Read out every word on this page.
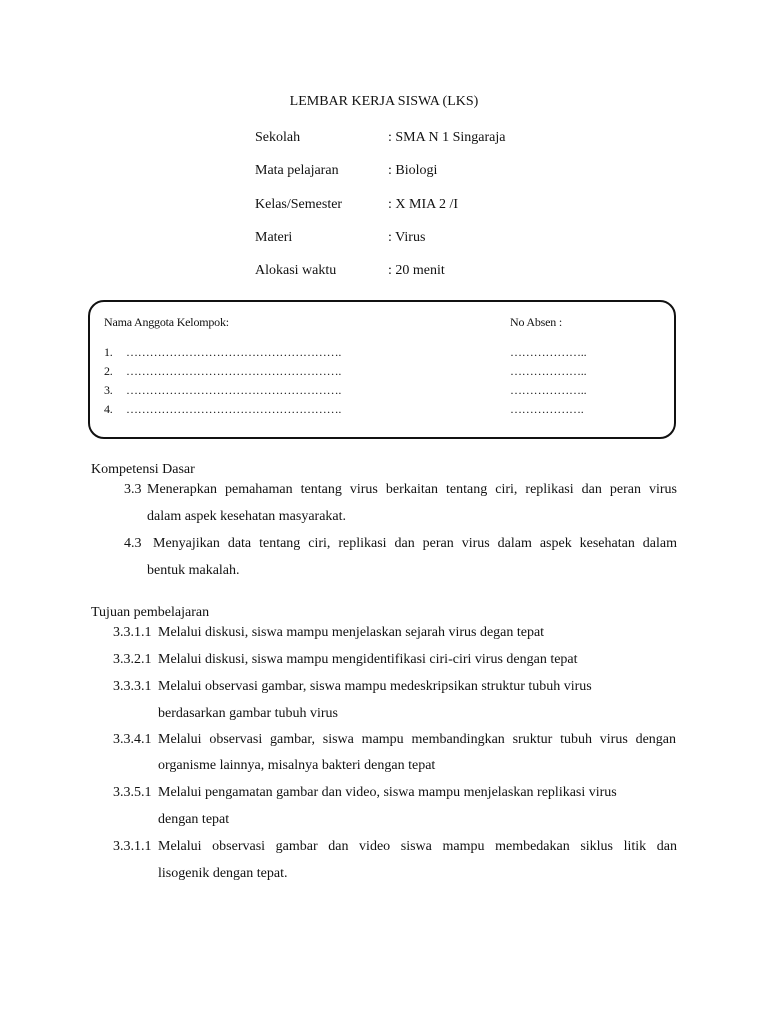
LEMBAR KERJA SISWA (LKS)
Sekolah	: SMA N 1 Singaraja
Mata pelajaran	: Biologi
Kelas/Semester	: X MIA 2 /I
Materi	: Virus
Alokasi waktu	: 20 menit
Nama Anggota Kelompok:	No Absen :
1. ……………………………………………….	………………..
2. ……………………………………………….	………………..
3. ……………………………………………….	………………..
4. ……………………………………………….	……………….
Kompetensi Dasar
3.3 Menerapkan pemahaman tentang virus berkaitan tentang ciri, replikasi dan peran virus
dalam aspek kesehatan masyarakat.
4.3 Menyajikan data tentang ciri, replikasi dan peran virus dalam aspek kesehatan dalam
bentuk makalah.
Tujuan pembelajaran
3.3.1.1 Melalui diskusi, siswa mampu menjelaskan sejarah virus degan tepat
3.3.2.1 Melalui diskusi, siswa mampu mengidentifikasi ciri-ciri virus dengan tepat
3.3.3.1 Melalui observasi gambar, siswa mampu medeskripsikan struktur tubuh virus
berdasarkan gambar tubuh virus
3.3.4.1 Melalui observasi gambar, siswa mampu membandingkan sruktur tubuh virus dengan
organisme lainnya, misalnya bakteri dengan tepat
3.3.5.1 Melalui pengamatan gambar dan video, siswa mampu menjelaskan replikasi virus
dengan tepat
3.3.1.1 Melalui observasi gambar dan video siswa mampu membedakan siklus litik dan
lisogenik dengan tepat.
